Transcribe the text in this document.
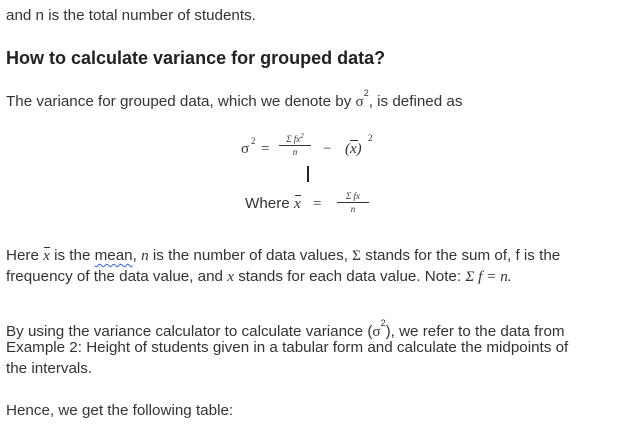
and n is the total number of students.

How to calculate variance for grouped data?

The variance for grouped data, which we denote by $\sigma^2$, is defined as

σ $2 = \frac{\Sigma fx^2}{n} - (x)$
2
Where $x = \frac{\text{Σ fx}}{n}$

Here x is the mean, n is the number of data values, Σ stands for the sum of, f is the

frequency of the data value, and x stands for each data value. Note: Σ f = n.

By using the variance calculator to calculate variance $(\sigma^2)$, we refer to the data from

Example 2: Height of students given in a tabular form and calculate the midpoints of

the intervals.

Hence, we get the following table:
